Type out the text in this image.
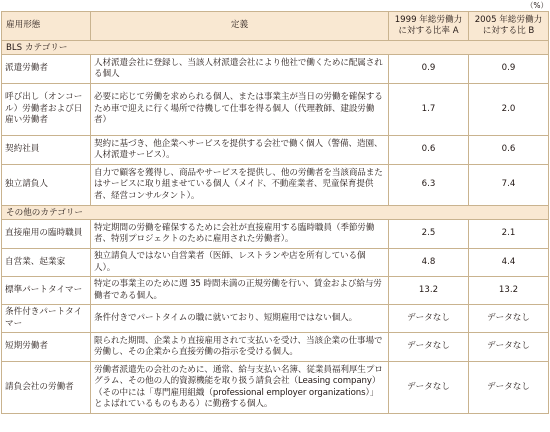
（%）
雇用形態	定義	1999 年総労働力に対する比率 A	2005 年総労働力に対する比 B
BLS カテゴリー			
派遣労働者	人材派遣会社に登録し、当該人材派遣会社により他社で働くために配属される個人	0.9	0.9
呼び出し（オンコール）労働者および日雇い労働者	必要に応じて労働を求められる個人、または事業主が当日の労働を確保するため車で迎えに行く場所で待機して仕事を得る個人（代理教師、建設労働者）	1.7	2.0
契約社員	契約に基づき、他企業へサービスを提供する会社で働く個人（警備、造園、人材派遣サービス）。	0.6	0.6
独立請負人	自力で顧客を獲得し、商品やサービスを提供し、他の労働者を当該商品またはサービスに取り組ませている個人（メイド、不動産業者、児童保育提供者、経営コンサルタント）。	6.3	7.4
その他のカテゴリー			
直接雇用の臨時職員	特定期間の労働を確保するために会社が直接雇用する臨時職員（季節労働者、特別プロジェクトのために雇用された労働者）。	2.5	2.1
自営業、起業家	独立請負人ではない自営業者（医師、レストランや店を所有している個人）。	4.8	4.4
標準パートタイマー	特定の事業主のために週 35 時間未満の正規労働を行い、賃金および給与労働者である個人。	13.2	13.2
条件付きパートタイマー	条件付きでパートタイムの職に就いており、短期雇用ではない個人。	データなし	データなし
短期労働者	限られた期間、企業より直接雇用されて支払いを受け、当該企業の仕事場で労働し、その企業から直接労働の指示を受ける個人。	データなし	データなし
請負会社の労働者	労働者派遣先の会社のために、通常、給与支払い名簿、従業員福利厚生プログラム、その他の人的資源機能を取り扱う請負会社（Leasing company）（その中には「専門雇用組織（professional employer organizations）」とよばれているものもある）に勤務する個人。	データなし	データなし
